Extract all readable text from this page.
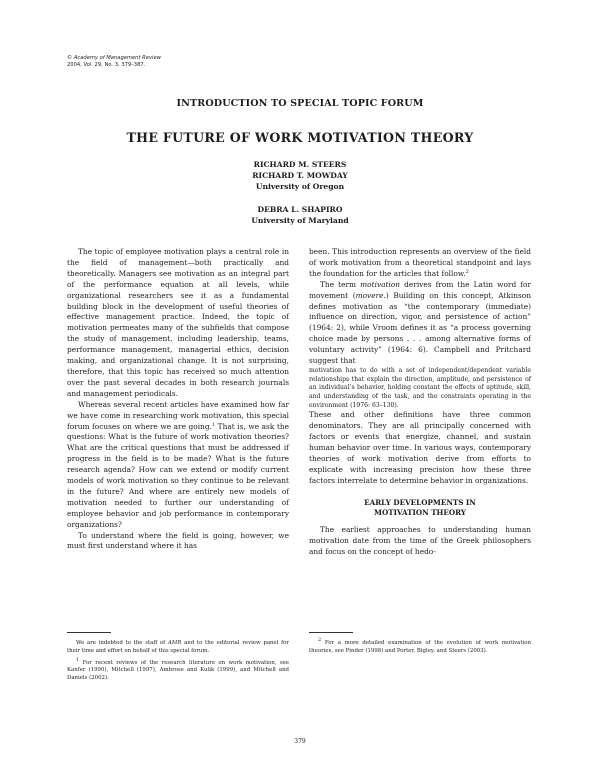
© Academy of Management Review
2004, Vol. 29, No. 3, 379–387.
INTRODUCTION TO SPECIAL TOPIC FORUM
THE FUTURE OF WORK MOTIVATION THEORY
RICHARD M. STEERS
RICHARD T. MOWDAY
University of Oregon
DEBRA L. SHAPIRO
University of Maryland

The topic of employee motivation plays a central role in the field of management—both practically and theoretically. Managers see motivation as an integral part of the performance equation at all levels, while organizational researchers see it as a fundamental building block in the development of useful theories of effective management practice. Indeed, the topic of motivation permeates many of the subfields that compose the study of management, including leadership, teams, performance management, managerial ethics, decision making, and organizational change. It is not surprising, therefore, that this topic has received so much attention over the past several decades in both research journals and management periodicals.

Whereas several recent articles have examined how far we have come in researching work motivation, this special forum focuses on where we are going.$^1$ That is, we ask the questions: What is the future of work motivation theories? What are the critical questions that must be addressed if progress in the field is to be made? What is the future research agenda? How can we extend or modify current models of work motivation so they continue to be relevant in the future? And where are entirely new models of motivation needed to further our understanding of employee behavior and job performance in contemporary organizations?

To understand where the field is going, however, we must first understand where it has

been. This introduction represents an overview of the field of work motivation from a theoretical standpoint and lays the foundation for the articles that follow.$^2$

The term motivation derives from the Latin word for movement (movere.) Building on this concept, Atkinson defines motivation as “the contemporary (immediate) influence on direction, vigor, and persistence of action” (1964: 2), while Vroom defines it as “a process governing choice made by persons . . . among alternative forms of voluntary activity” (1964: 6). Campbell and Pritchard suggest that

motivation has to do with a set of independent/dependent variable relationships that explain the direction, amplitude, and persistence of an individual’s behavior, holding constant the effects of aptitude, skill, and understanding of the task, and the constraints operating in the environment (1976: 63–130).

These and other definitions have three common denominators. They are all principally concerned with factors or events that energize, channel, and sustain human behavior over time. In various ways, contemporary theories of work motivation derive from efforts to explicate with increasing precision how these three factors interrelate to determine behavior in organizations.

EARLY DEVELOPMENTS IN
MOTIVATION THEORY

The earliest approaches to understanding human motivation date from the time of the Greek philosophers and focus on the concept of hedo-

We are indebted to the staff of AMR and to the editorial review panel for their time and effort on behalf of this special forum.

$^1$ For recent reviews of the research literature on work motivation, see Kanfer (1990), Mitchell (1997), Ambrose and Kulik (1999), and Mitchell and Daniels (2002).

$^2$ For a more detailed examination of the evolution of work motivation theories, see Pinder (1998) and Porter, Bigley, and Steers (2003).

379
